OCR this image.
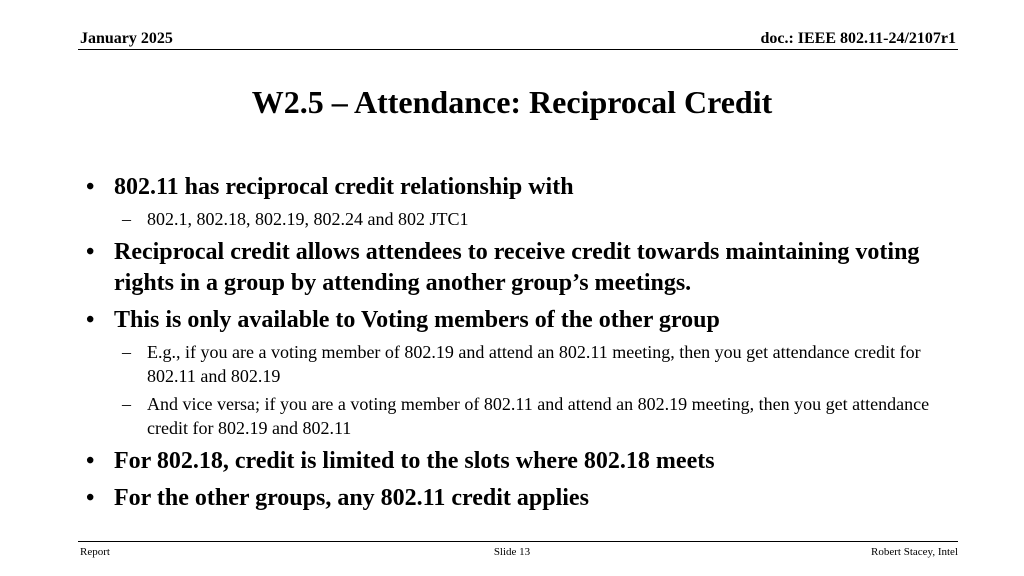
January 2025	doc.: IEEE 802.11-24/2107r1
W2.5 – Attendance: Reciprocal Credit
• 802.11 has reciprocal credit relationship with
– 802.1, 802.18, 802.19, 802.24 and 802 JTC1
• Reciprocal credit allows attendees to receive credit towards maintaining voting rights in a group by attending another group’s meetings.
• This is only available to Voting members of the other group
– E.g., if you are a voting member of 802.19 and attend an 802.11 meeting, then you get attendance credit for 802.11 and 802.19
– And vice versa; if you are a voting member of 802.11 and attend an 802.19 meeting, then you get attendance credit for 802.19 and 802.11
• For 802.18, credit is limited to the slots where 802.18 meets
• For the other groups, any 802.11 credit applies
Report	Slide 13	Robert Stacey, Intel
